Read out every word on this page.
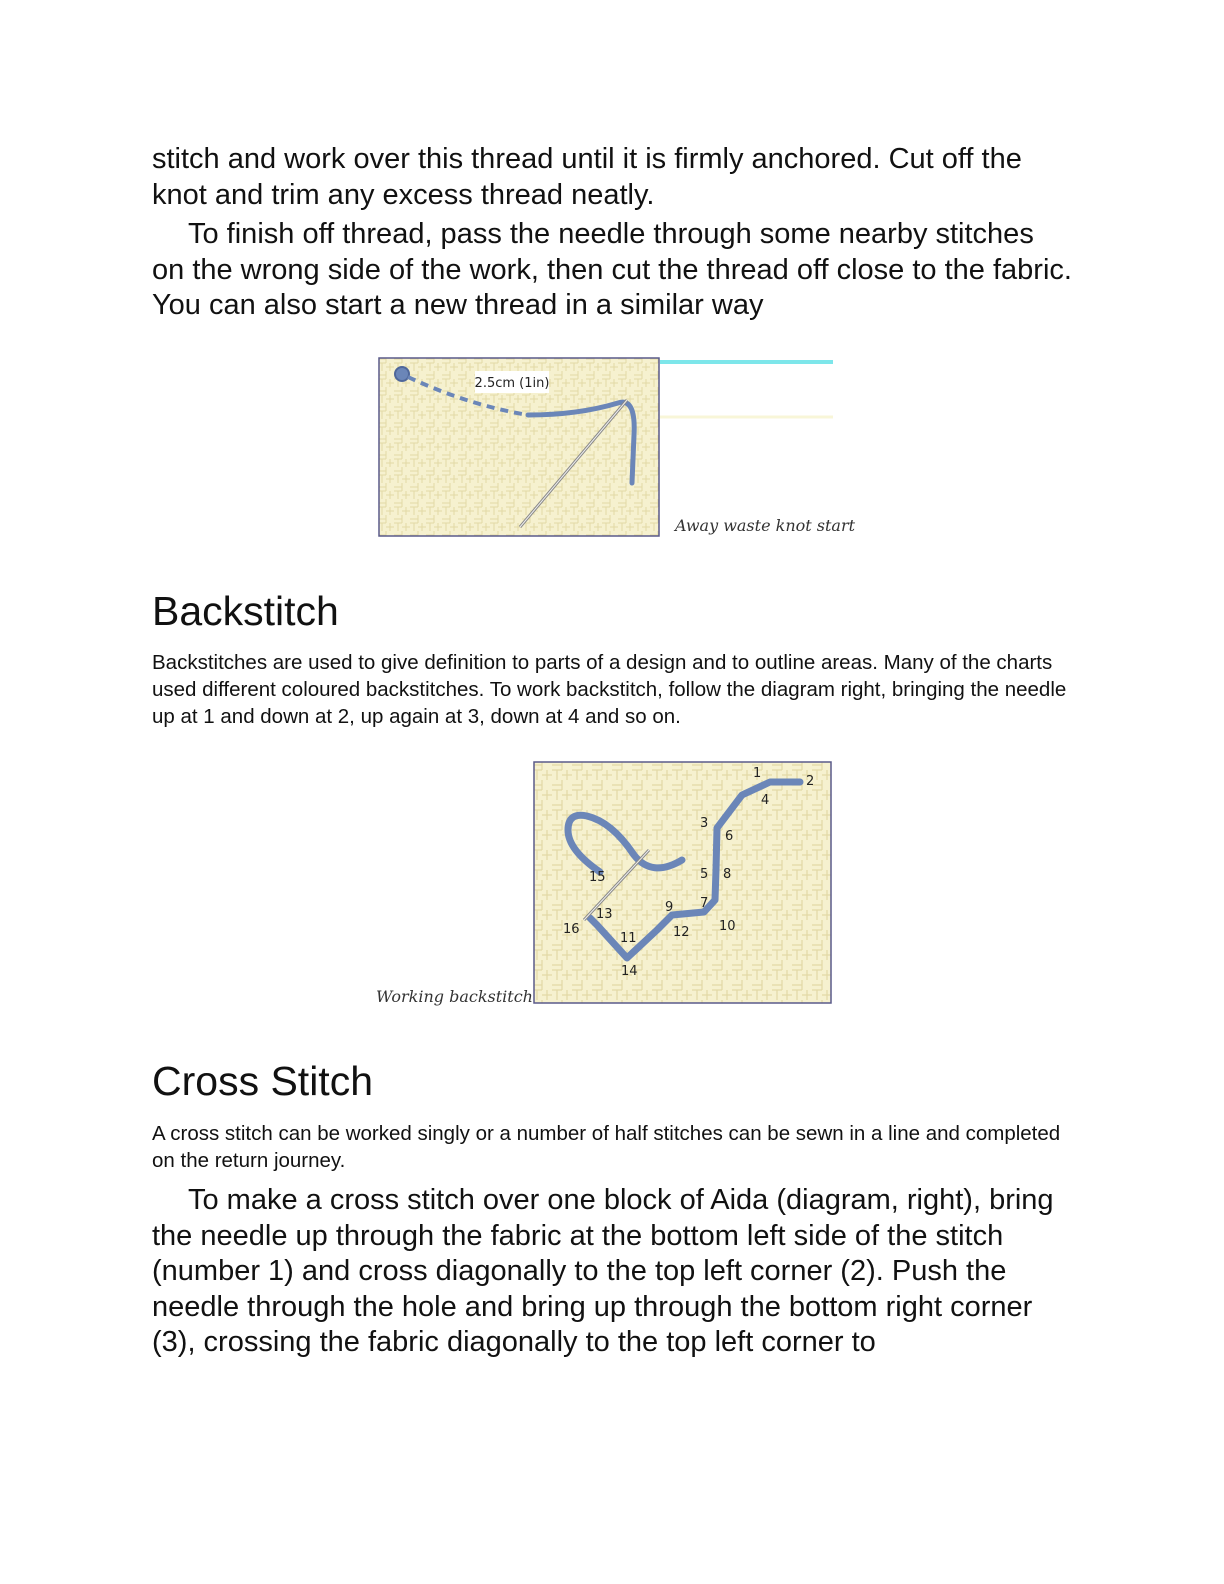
stitch and work over this thread until it is firmly anchored. Cut off the knot and trim any excess thread neatly.

To finish off thread, pass the needle through some nearby stitches on the wrong side of the work, then cut the thread off close to the fabric. You can also start a new thread in a similar way

2.5cm (1in)
Away waste knot start
Backstitch

Backstitches are used to give definition to parts of a design and to outline areas. Many of the charts used different coloured backstitches. To work backstitch, follow the diagram right, bringing the needle up at 1 and down at 2, up again at 3, down at 4 and so on.

Working backstitch
1
2
3
4
5
6
7
8
9
10
11	12
13
14
15
16
Cross Stitch

A cross stitch can be worked singly or a number of half stitches can be sewn in a line and completed on the return journey.

To make a cross stitch over one block of Aida (diagram, right), bring the needle up through the fabric at the bottom left side of the stitch (number 1) and cross diagonally to the top left corner (2). Push the needle through the hole and bring up through the bottom right corner (3), crossing the fabric diagonally to the top left corner to
